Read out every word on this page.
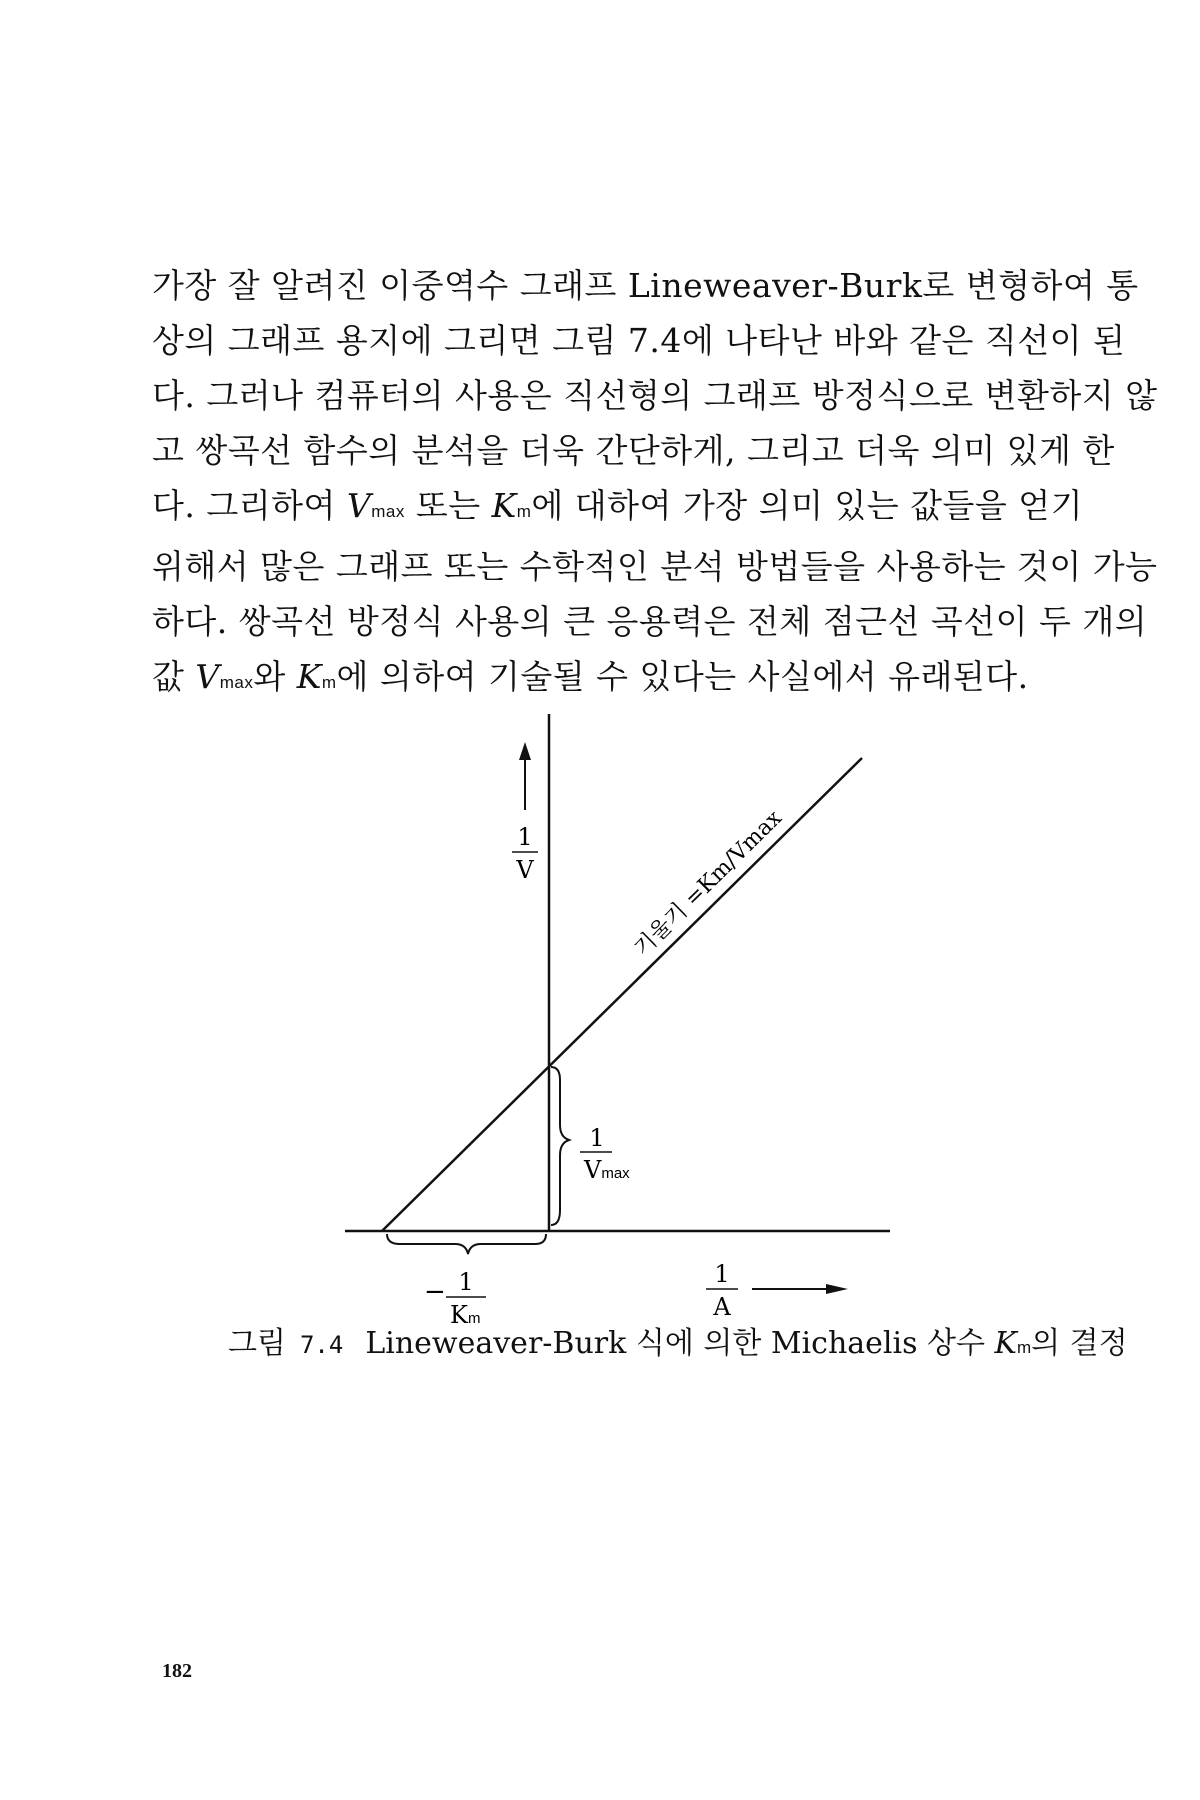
가장 잘 알려진 이중역수 그래프 Lineweaver-Burk로 변형하여 통
상의 그래프 용지에 그리면 그림 7.4에 나타난 바와 같은 직선이 된
다. 그러나 컴퓨터의 사용은 직선형의 그래프 방정식으로 변환하지 않
고 쌍곡선 함수의 분석을 더욱 간단하게, 그리고 더욱 의미 있게 한
다. 그리하여 Vmax 또는 Km에 대하여 가장 의미 있는 값들을 얻기
위해서 많은 그래프 또는 수학적인 분석 방법들을 사용하는 것이 가능
하다. 쌍곡선 방정식 사용의 큰 응용력은 전체 점근선 곡선이 두 개의
값 Vmax와 Km에 의하여 기술될 수 있다는 사실에서 유래된다.
1
V	기울기 =Km/Vmax
1
Vmax
− 1
Km
1
A
그림 7.4 Lineweaver-Burk 식에 의한 Michaelis 상수 Km의 결정
182
